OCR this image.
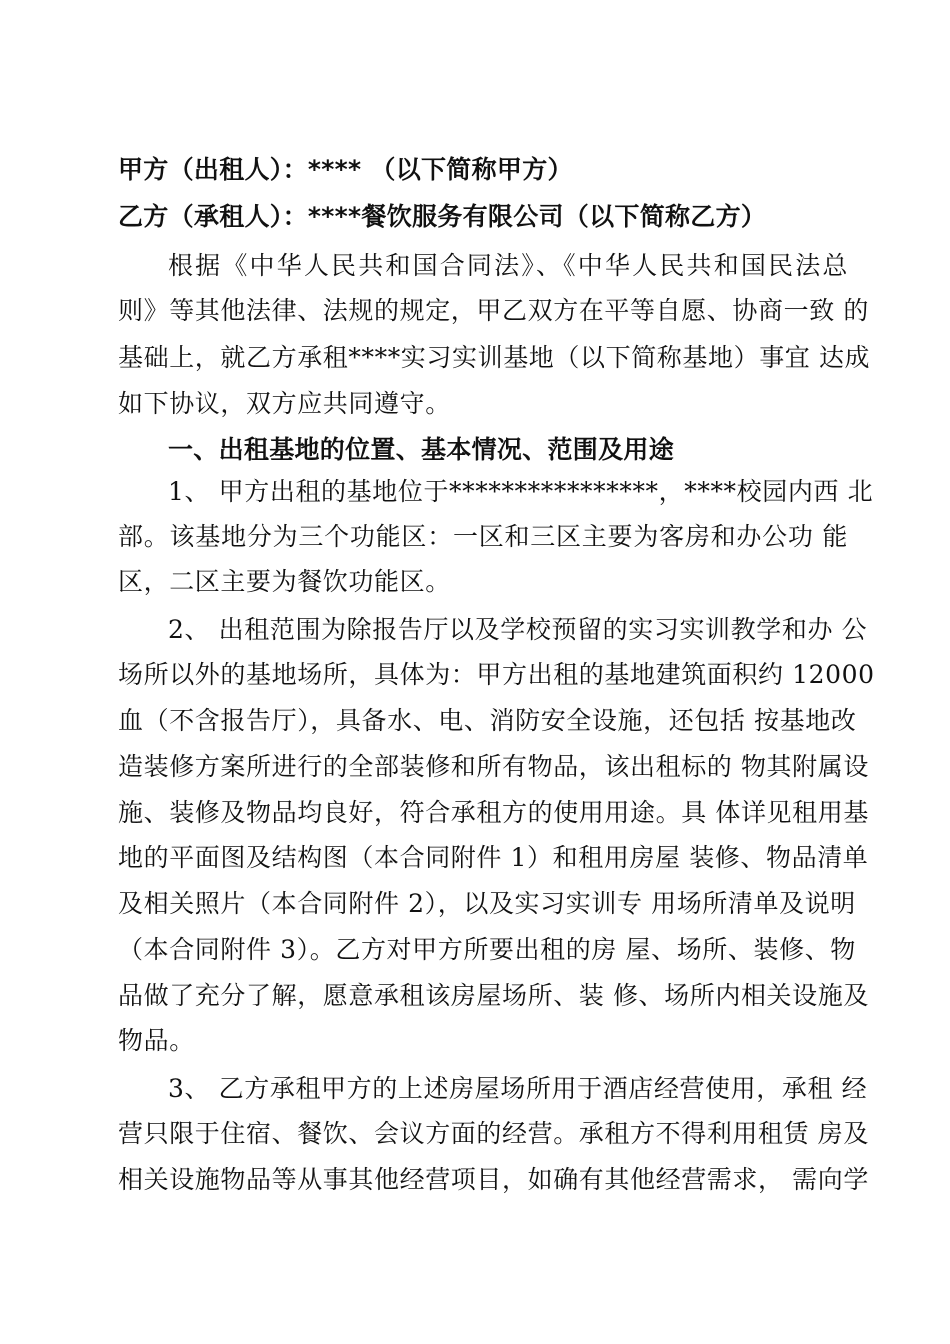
甲方（出租人）：**** （以下简称甲方）
乙方（承租人）：****餐饮服务有限公司（以下简称乙方）
根据《中华人民共和国合同法》、《中华人民共和国民法总
则》等其他法律、法规的规定，甲乙双方在平等自愿、协商一致 的
基础上，就乙方承租****实习实训基地（以下简称基地）事宜 达成
如下协议，双方应共同遵守。
一、出租基地的位置、基本情况、范围及用途
1、 甲方出租的基地位于****************，****校园内西 北
部。该基地分为三个功能区：一区和三区主要为客房和办公功 能
区，二区主要为餐饮功能区。
2、 出租范围为除报告厅以及学校预留的实习实训教学和办 公
场所以外的基地场所，具体为：甲方出租的基地建筑面积约 12000
血（不含报告厅），具备水、电、消防安全设施，还包括 按基地改
造装修方案所进行的全部装修和所有物品，该出租标的 物其附属设
施、装修及物品均良好，符合承租方的使用用途。具 体详见租用基
地的平面图及结构图（本合同附件 1）和租用房屋 装修、物品清单
及相关照片（本合同附件 2），以及实习实训专 用场所清单及说明
（本合同附件 3）。乙方对甲方所要出租的房 屋、场所、装修、物
品做了充分了解，愿意承租该房屋场所、装 修、场所内相关设施及
物品。
3、 乙方承租甲方的上述房屋场所用于酒店经营使用，承租 经
营只限于住宿、餐饮、会议方面的经营。承租方不得利用租赁 房及
相关设施物品等从事其他经营项目，如确有其他经营需求， 需向学
